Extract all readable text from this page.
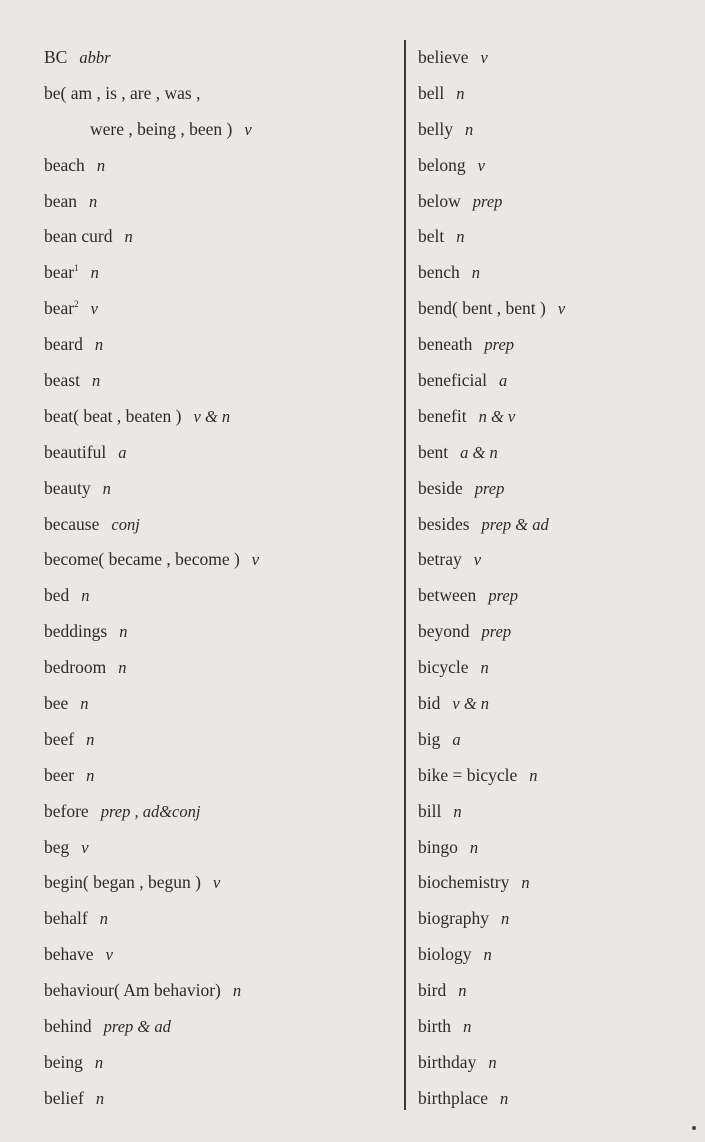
BC abbr
be( am , is , are , was ,
were , being , been ) v
beach n
bean n
bean curd n
bear$^1$ n
bear$^2$ v
beard n
beast n
beat( beat , beaten ) v & n
beautiful a
beauty n
because conj
become( became , become ) v
bed n
beddings n
bedroom n
bee n
beef n
beer n
before prep , ad&conj
beg v
begin( began , begun ) v
behalf n
behave v
behaviour( Am behavior) n
behind prep & ad
being n
belief n
believe v
bell n
belly n
belong v
below prep
belt n
bench n
bend( bent , bent ) v
beneath prep
beneficial a
benefit n & v
bent a & n
beside prep
besides prep & ad
betray v
between prep
beyond prep
bicycle n
bid v & n
big a
bike = bicycle n
bill n
bingo n
biochemistry n
biography n
biology n
bird n
birth n
birthday n
birthplace n
